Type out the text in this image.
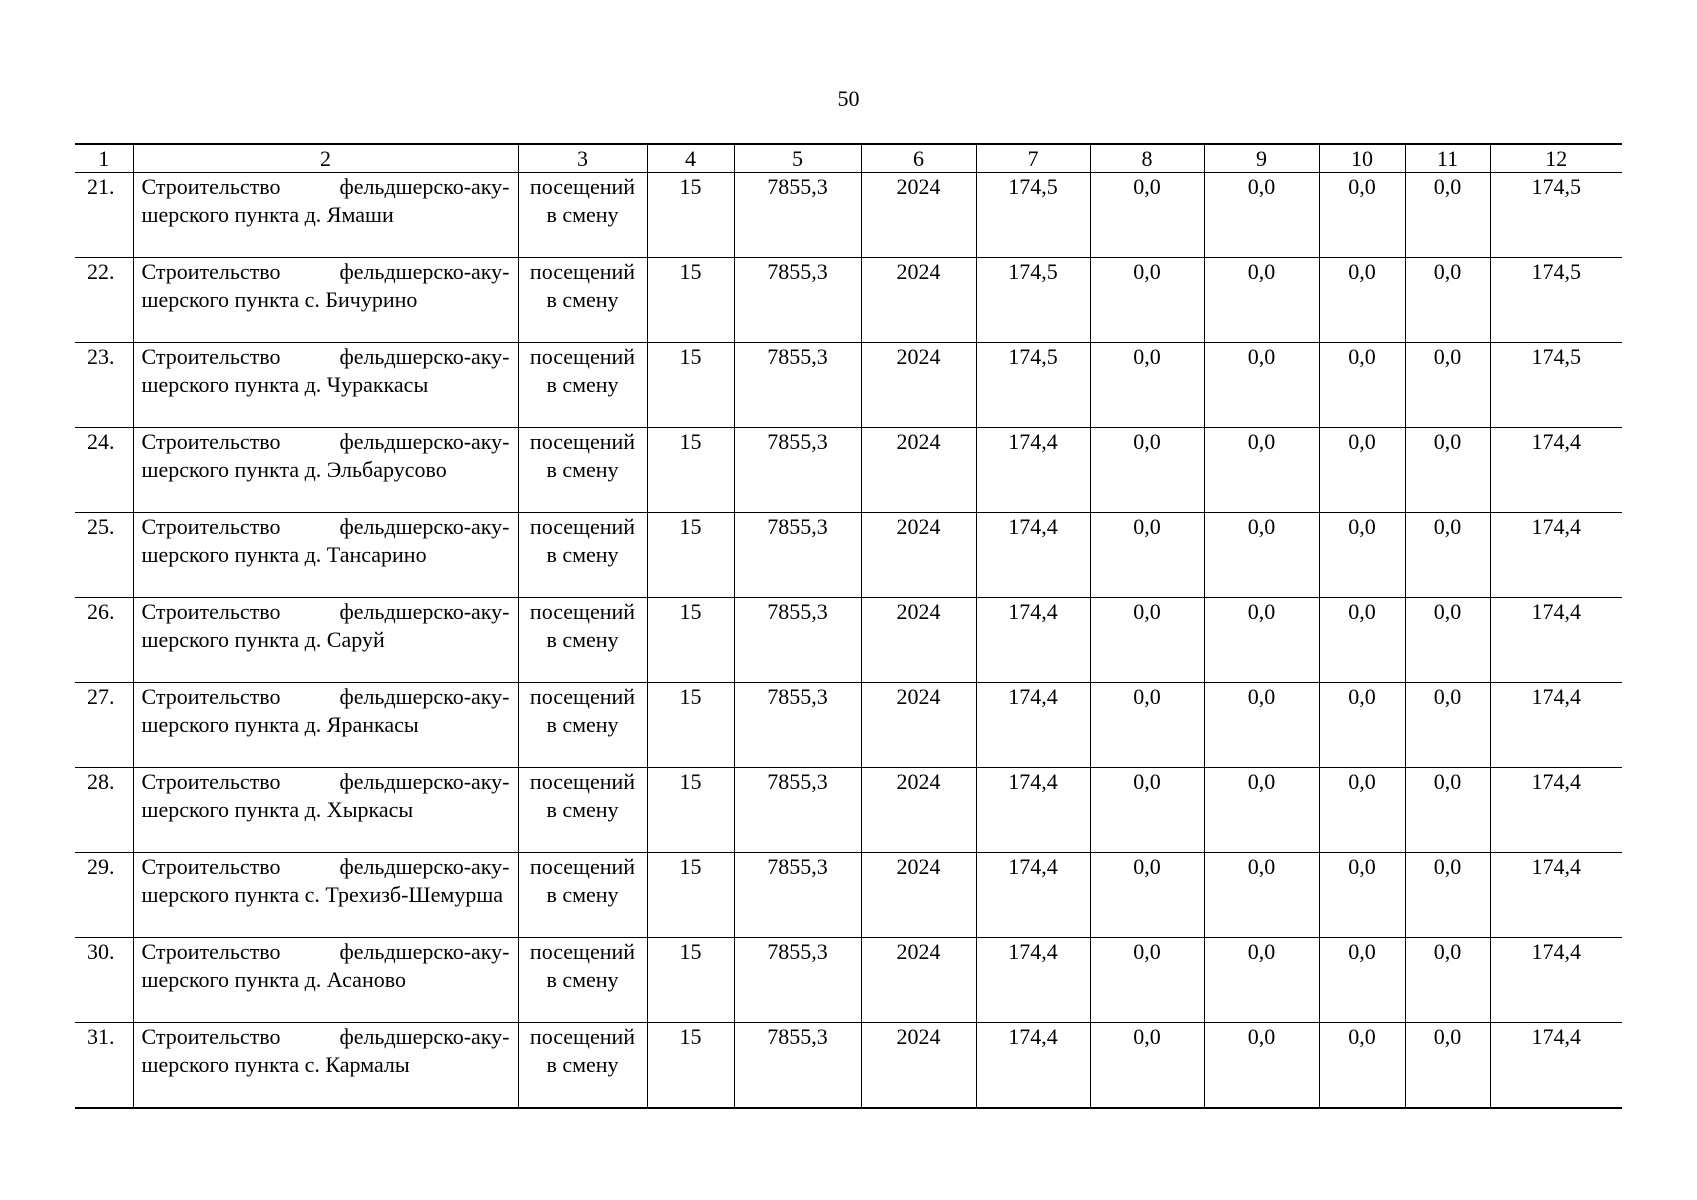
50
1	2	3	4	5	6	7	8	9	10	11	12
21.	Строительство фельдшерско-акушерского пункта д. Ямаши	посещений в смену	15	7855,3	2024	174,5	0,0	0,0	0,0	0,0	174,5
22.	Строительство фельдшерско-акушерского пункта с. Бичурино	посещений в смену	15	7855,3	2024	174,5	0,0	0,0	0,0	0,0	174,5
23.	Строительство фельдшерско-акушерского пункта д. Чураккасы	посещений в смену	15	7855,3	2024	174,5	0,0	0,0	0,0	0,0	174,5
24.	Строительство фельдшерско-акушерского пункта д. Эльбарусово	посещений в смену	15	7855,3	2024	174,4	0,0	0,0	0,0	0,0	174,4
25.	Строительство фельдшерско-акушерского пункта д. Тансарино	посещений в смену	15	7855,3	2024	174,4	0,0	0,0	0,0	0,0	174,4
26.	Строительство фельдшерско-акушерского пункта д. Саруй	посещений в смену	15	7855,3	2024	174,4	0,0	0,0	0,0	0,0	174,4
27.	Строительство фельдшерско-акушерского пункта д. Яранкасы	посещений в смену	15	7855,3	2024	174,4	0,0	0,0	0,0	0,0	174,4
28.	Строительство фельдшерско-акушерского пункта д. Хыркасы	посещений в смену	15	7855,3	2024	174,4	0,0	0,0	0,0	0,0	174,4
29.	Строительство фельдшерско-акушерского пункта с. Трехизб-Шемурша	посещений в смену	15	7855,3	2024	174,4	0,0	0,0	0,0	0,0	174,4
30.	Строительство фельдшерско-акушерского пункта д. Асаново	посещений в смену	15	7855,3	2024	174,4	0,0	0,0	0,0	0,0	174,4
31.	Строительство фельдшерско-акушерского пункта с. Кармалы	посещений в смену	15	7855,3	2024	174,4	0,0	0,0	0,0	0,0	174,4
